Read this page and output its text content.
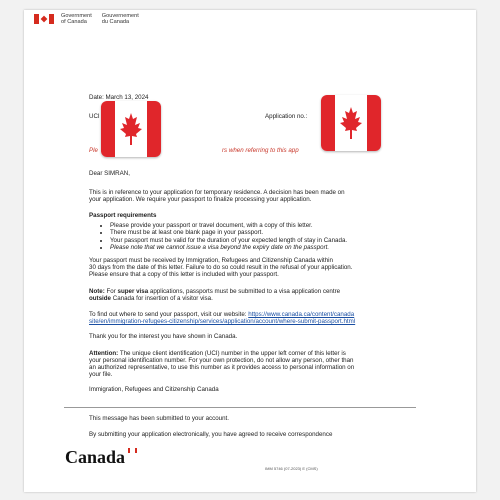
Government
of Canada
Gouvernement
du Canada
Date: March 13, 2024
UCI	Application no.:
Ple	rs when referring to this app
Dear SIMRAN,
This is in reference to your application for temporary residence. A decision has been made on
your application. We require your passport to finalize processing your application.
Passport requirements
• Please provide your passport or travel document, with a copy of this letter.
• There must be at least one blank page in your passport.
• Your passport must be valid for the duration of your expected length of stay in Canada.
• Please note that we cannot issue a visa beyond the expiry date on the passport.
Your passport must be received by Immigration, Refugees and Citizenship Canada within
30 days from the date of this letter. Failure to do so could result in the refusal of your application.
Please ensure that a copy of this letter is included with your passport.
Note: For super visa applications, passports must be submitted to a visa application centre
outside Canada for insertion of a visitor visa.
To find out where to send your passport, visit our website: https://www.canada.ca/content/canada
site/en/immigration-refugees-citizenship/services/application/account/where-submit-passport.html
Thank you for the interest you have shown in Canada.
Attention: The unique client identification (UCI) number in the upper left corner of this letter is
your personal identification number. For your own protection, do not allow any person, other than
an authorized representative, to use this number as it provides access to personal information on
your file.
Immigration, Refugees and Citizenship Canada
This message has been submitted to your account.
By submitting your application electronically, you have agreed to receive correspondence
Canada
IMM 5746 (07-2023) E (CMS)
